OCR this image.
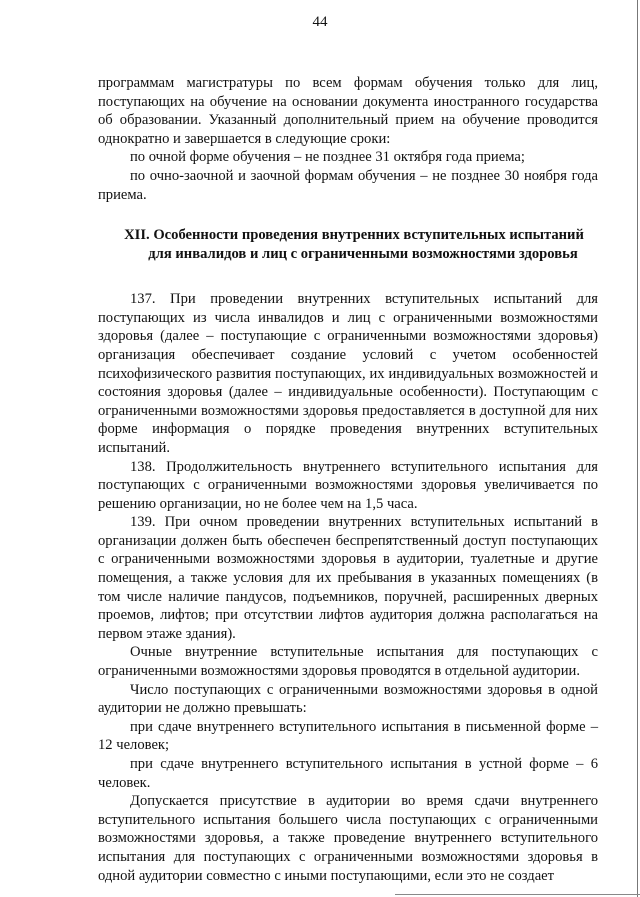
44

программам магистратуры по всем формам обучения только для лиц, поступающих на обучение на основании документа иностранного государства об образовании. Указанный дополнительный прием на обучение проводится однократно и завершается в следующие сроки:

по очной форме обучения – не позднее 31 октября года приема;

по очно-заочной и заочной формам обучения – не позднее 30 ноября года приема.

XII. Особенности проведения внутренних вступительных испытаний
для инвалидов и лиц с ограниченными возможностями здоровья

137. При проведении внутренних вступительных испытаний для поступающих из числа инвалидов и лиц с ограниченными возможностями здоровья (далее – поступающие с ограниченными возможностями здоровья) организация обеспечивает создание условий с учетом особенностей психофизического развития поступающих, их индивидуальных возможностей и состояния здоровья (далее – индивидуальные особенности). Поступающим с ограниченными возможностями здоровья предоставляется в доступной для них форме информация о порядке проведения внутренних вступительных испытаний.

138. Продолжительность внутреннего вступительного испытания для поступающих с ограниченными возможностями здоровья увеличивается по решению организации, но не более чем на 1,5 часа.

139. При очном проведении внутренних вступительных испытаний в организации должен быть обеспечен беспрепятственный доступ поступающих с ограниченными возможностями здоровья в аудитории, туалетные и другие помещения, а также условия для их пребывания в указанных помещениях (в том числе наличие пандусов, подъемников, поручней, расширенных дверных проемов, лифтов; при отсутствии лифтов аудитория должна располагаться на первом этаже здания).

Очные внутренние вступительные испытания для поступающих с ограниченными возможностями здоровья проводятся в отдельной аудитории.

Число поступающих с ограниченными возможностями здоровья в одной аудитории не должно превышать:

при сдаче внутреннего вступительного испытания в письменной форме – 12 человек;

при сдаче внутреннего вступительного испытания в устной форме – 6 человек.

Допускается присутствие в аудитории во время сдачи внутреннего вступительного испытания большего числа поступающих с ограниченными возможностями здоровья, а также проведение внутреннего вступительного испытания для поступающих с ограниченными возможностями здоровья в одной аудитории совместно с иными поступающими, если это не создает
